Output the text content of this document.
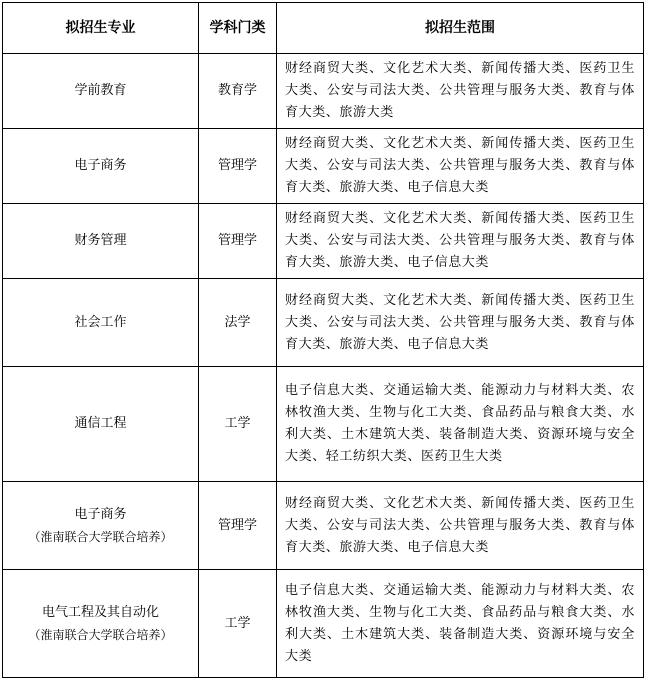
拟招生专业	学科门类	拟招生范围

学前教育	教育学	财经商贸大类、文化艺术大类、新闻传播大类、医药卫生大类、公安与司法大类、公共管理与服务大类、教育与体育大类、旅游大类

电子商务	管理学	财经商贸大类、文化艺术大类、新闻传播大类、医药卫生大类、公安与司法大类、公共管理与服务大类、教育与体育大类、旅游大类、电子信息大类

财务管理	管理学	财经商贸大类、文化艺术大类、新闻传播大类、医药卫生大类、公安与司法大类、公共管理与服务大类、教育与体育大类、旅游大类、电子信息大类

社会工作	法学	财经商贸大类、文化艺术大类、新闻传播大类、医药卫生大类、公安与司法大类、公共管理与服务大类、教育与体育大类、旅游大类、电子信息大类

通信工程	工学	电子信息大类、交通运输大类、能源动力与材料大类、农林牧渔大类、生物与化工大类、食品药品与粮食大类、水利大类、土木建筑大类、装备制造大类、资源环境与安全大类、轻工纺织大类、医药卫生大类

电子商务
（淮南联合大学联合培养）	管理学	财经商贸大类、文化艺术大类、新闻传播大类、医药卫生大类、公安与司法大类、公共管理与服务大类、教育与体育大类、旅游大类、电子信息大类

电气工程及其自动化
（淮南联合大学联合培养）	工学	电子信息大类、交通运输大类、能源动力与材料大类、农林牧渔大类、生物与化工大类、食品药品与粮食大类、水利大类、土木建筑大类、装备制造大类、资源环境与安全大类
